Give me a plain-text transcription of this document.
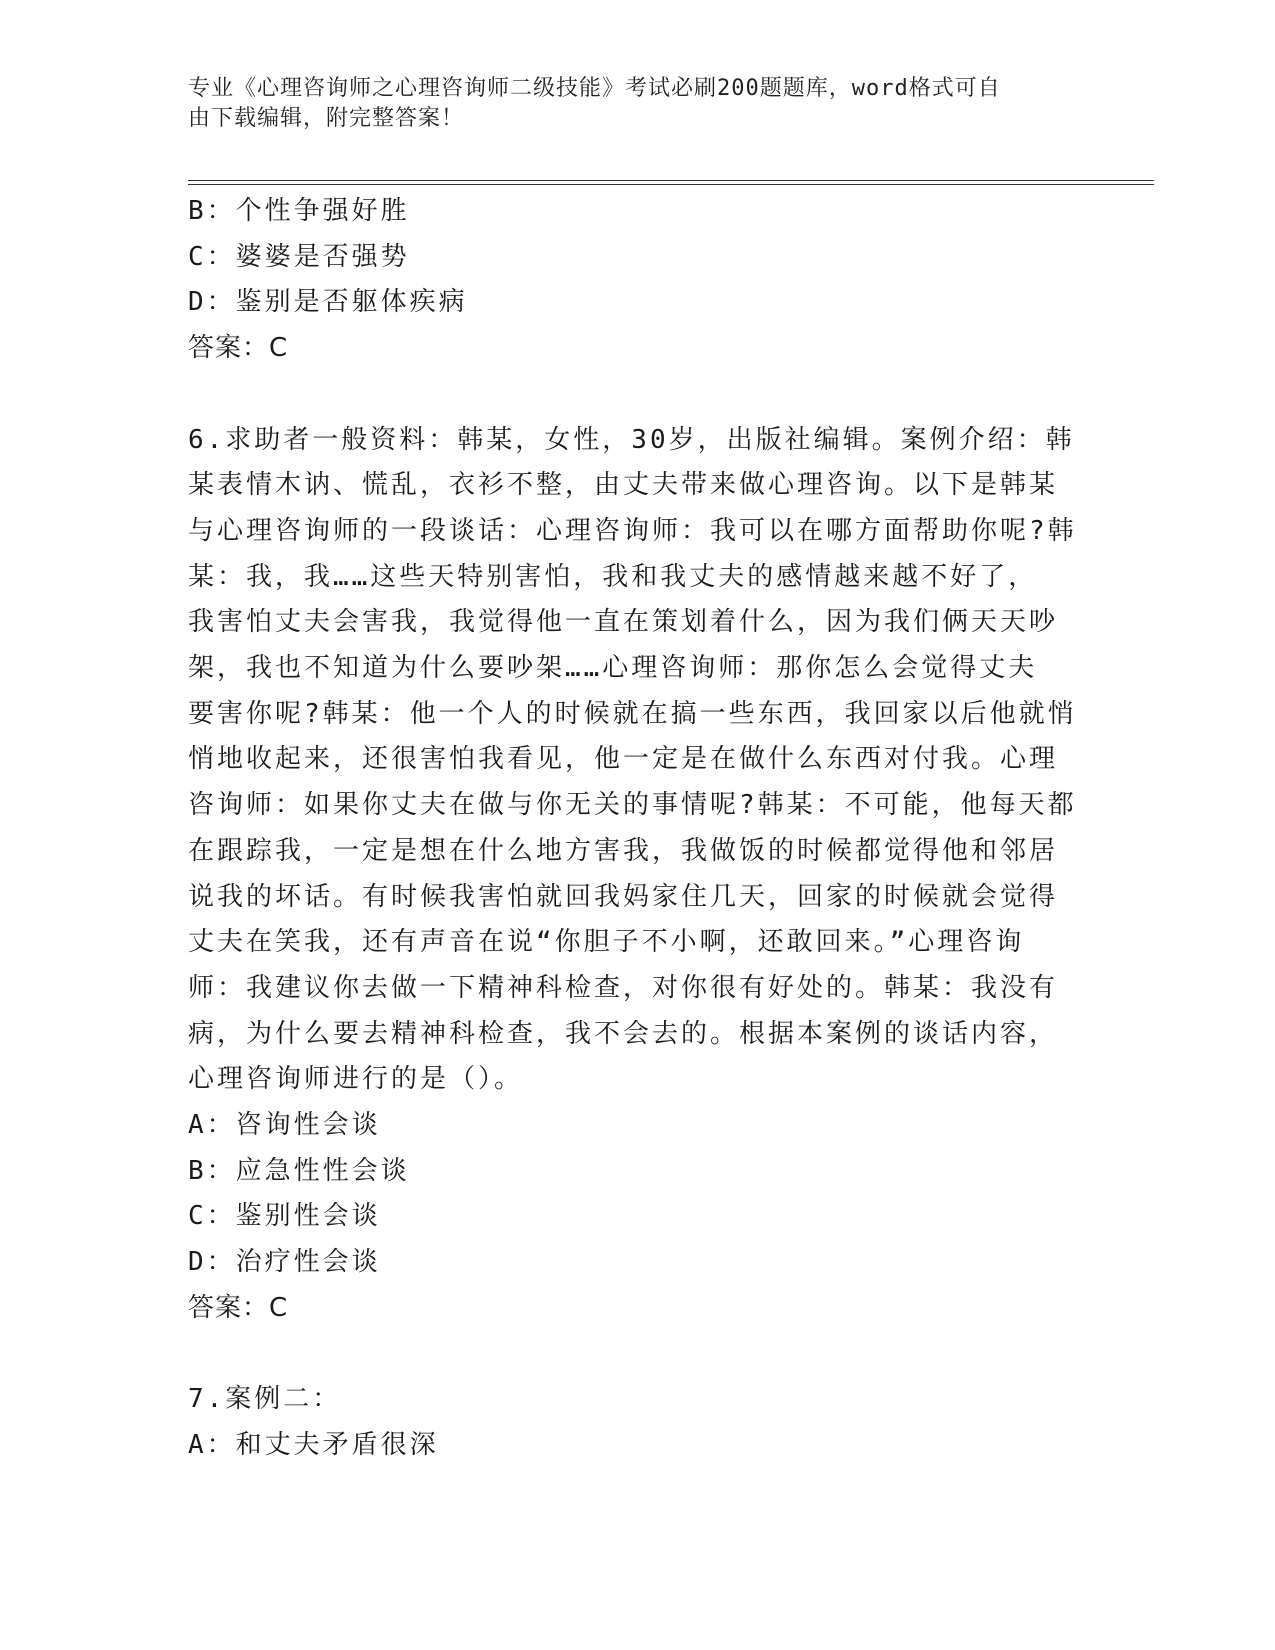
专业《心理咨询师之心理咨询师二级技能》考试必刷200题题库，word格式可自
由下载编辑，附完整答案！
B：个性争强好胜
C：婆婆是否强势
D：鉴别是否躯体疾病
答案：C
6.求助者一般资料：韩某，女性，30岁，出版社编辑。案例介绍：韩
某表情木讷、慌乱，衣衫不整，由丈夫带来做心理咨询。以下是韩某
与心理咨询师的一段谈话：心理咨询师：我可以在哪方面帮助你呢?韩
某：我，我……这些天特别害怕，我和我丈夫的感情越来越不好了，
我害怕丈夫会害我，我觉得他一直在策划着什么，因为我们俩天天吵
架，我也不知道为什么要吵架……心理咨询师：那你怎么会觉得丈夫
要害你呢?韩某：他一个人的时候就在搞一些东西，我回家以后他就悄
悄地收起来，还很害怕我看见，他一定是在做什么东西对付我。心理
咨询师：如果你丈夫在做与你无关的事情呢?韩某：不可能，他每天都
在跟踪我，一定是想在什么地方害我，我做饭的时候都觉得他和邻居
说我的坏话。有时候我害怕就回我妈家住几天，回家的时候就会觉得
丈夫在笑我，还有声音在说“你胆子不小啊，还敢回来。”心理咨询
师：我建议你去做一下精神科检查，对你很有好处的。韩某：我没有
病，为什么要去精神科检查，我不会去的。根据本案例的谈话内容，
心理咨询师进行的是（）。
A：咨询性会谈
B：应急性性会谈
C：鉴别性会谈
D：治疗性会谈
答案：C
7.案例二：
A：和丈夫矛盾很深
